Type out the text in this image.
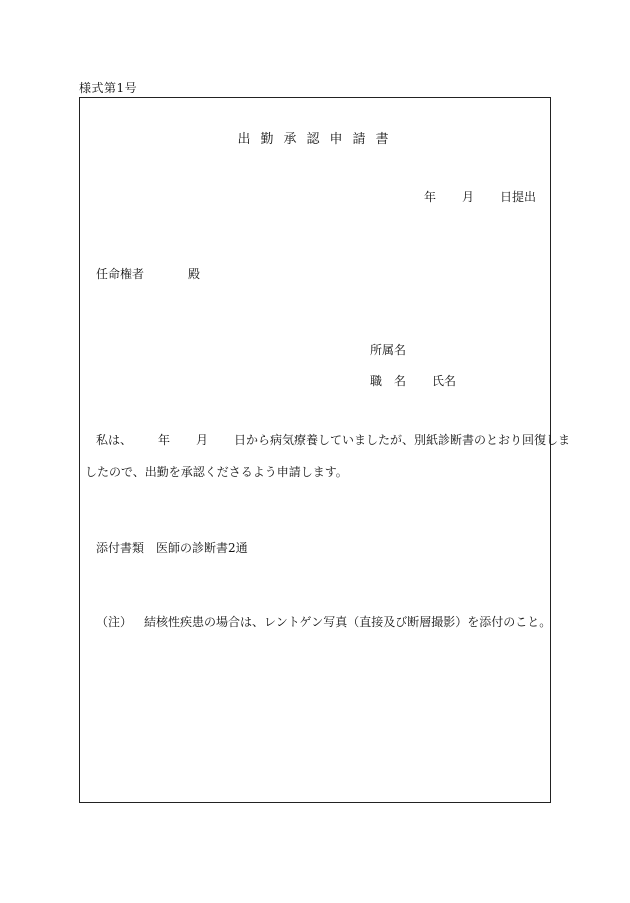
様式第1号
出勤承認申請書
年 月 日提出
任命権者	殿
所属名
職　名 氏名
私は、 年 月 日から病気療養していましたが、別紙診断書のとおり回復しま
したので、出勤を承認くださるよう申請します。
添付書類 医師の診断書2通
（注） 結核性疾患の場合は、レントゲン写真（直接及び断層撮影）を添付のこと。
